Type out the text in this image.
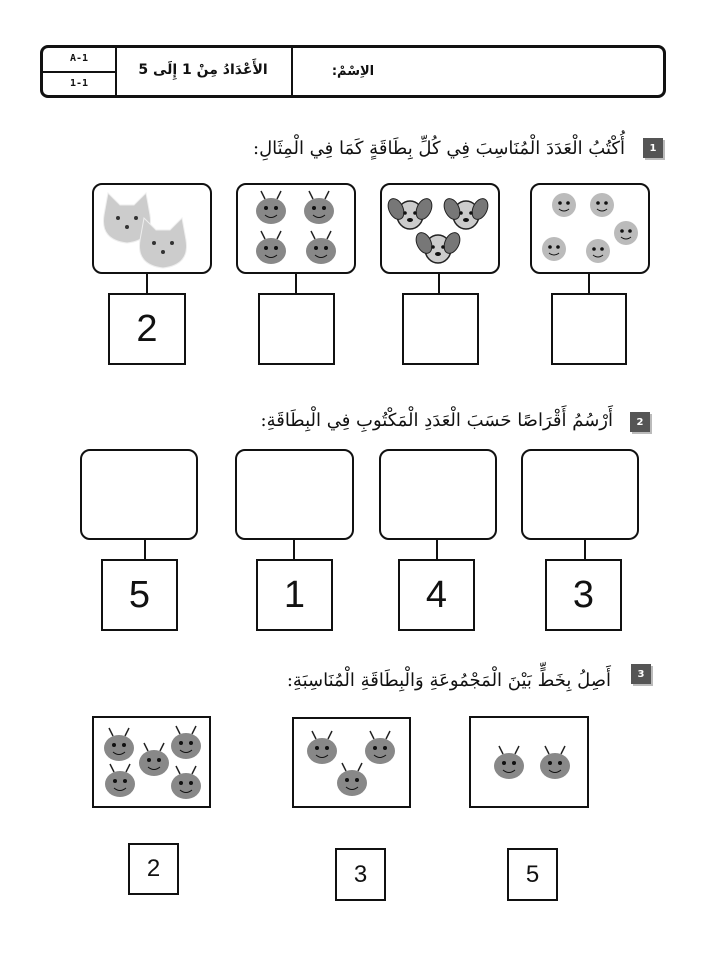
A-1
1-1
الأَعْدَادُ مِنْ 1 إِلَى 5	الاِسْمْ:
1
أُكْتُبُ الْعَدَدَ الْمُنَاسِبَ فِي كُلِّ بِطَاقَةٍ كَمَا فِي الْمِثَالِ:
2
2
أَرْسُمُ أَقْرَاصًا حَسَبَ الْعَدَدِ الْمَكْتُوبِ فِي الْبِطَاقَةِ:
5	1	4	3
3
أَصِلُ بِخَطٍّ بَيْنَ الْمَجْمُوعَةِ وَالْبِطَاقَةِ الْمُنَاسِبَةِ:
2	3	5
